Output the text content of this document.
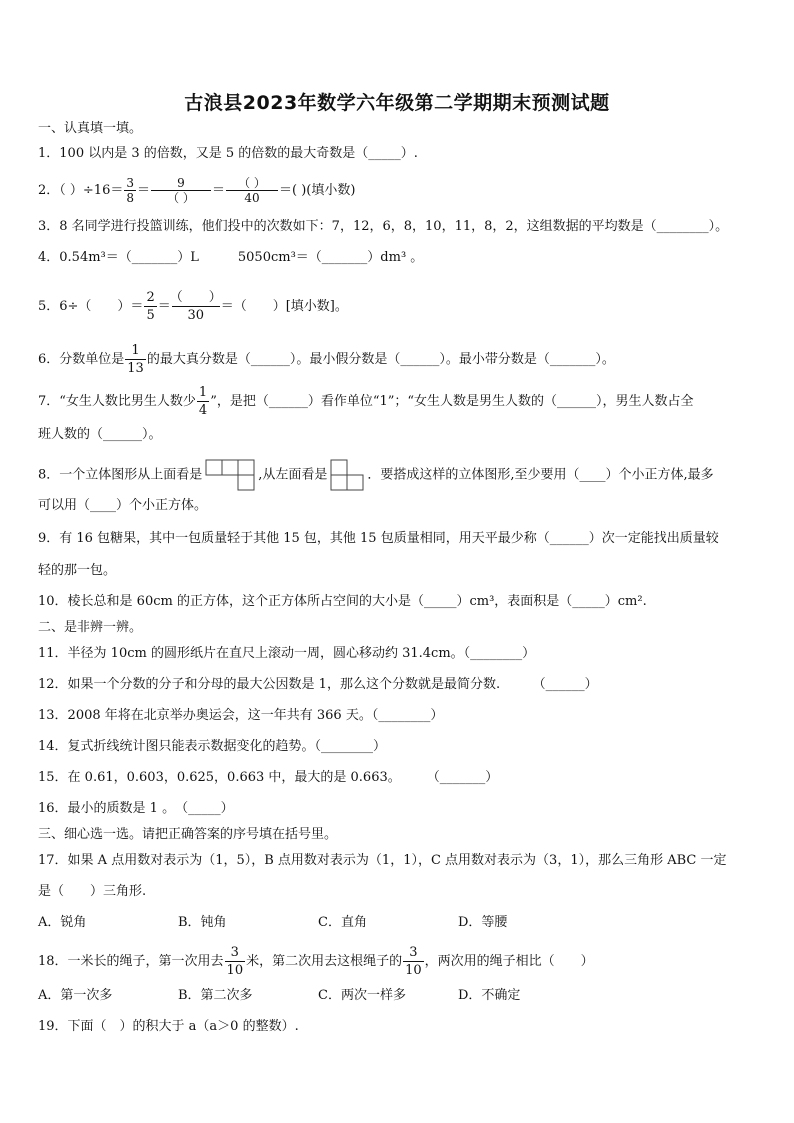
古浪县2023年数学六年级第二学期期末预测试题
一、认真填一填。
1．100 以内是 3 的倍数，又是 5 的倍数的最大奇数是（_____）.
2．（ ）$\div 16= \frac{3}{8} = \frac{9}{( )} = \frac{( )}{40}$ ＝( )(填小数)
3．8 名同学进行投篮训练，他们投中的次数如下：7，12，6，8，10，11，8，2，这组数据的平均数是（________）。
4．0.54m³＝（_______）L　　　5050cm³＝（_______）dm³ 。
5．6÷（　　）＝ $\frac{2}{5} = \frac{( )}{30}$ ＝（　　）[填小数]。
6．分数单位是 $\frac{1}{13}$ 的最大真分数是（______）。最小假分数是（______）。最小带分数是（_______）。
7．“女生人数比男生人数少 $\frac{1}{4}$ ”，是把（______）看作单位“1”；“女生人数是男生人数的（______），男生人数占全
班人数的（______）。
8．一个立体图形从上面看是	,从左面看是	．要搭成这样的立体图形,至少要用（____）个小正方体,最多
可以用（____）个小正方体。
9．有 16 包糖果，其中一包质量轻于其他 15 包，其他 15 包质量相同，用天平最少称（______）次一定能找出质量较
轻的那一包。
10．棱长总和是 60cm 的正方体，这个正方体所占空间的大小是（_____）cm³，表面积是（_____）cm².
二、是非辨一辨。
11．半径为 10cm 的圆形纸片在直尺上滚动一周，圆心移动约 31.4cm。（________）
12．如果一个分数的分子和分母的最大公因数是 1，那么这个分数就是最简分数.　　　（______）
13．2008 年将在北京举办奥运会，这一年共有 366 天。（________）
14．复式折线统计图只能表示数据变化的趋势。（________）
15．在 0.61，0.603，0.625，0.663 中，最大的是 0.663。　　　（_______）
16．最小的质数是 1 。　（_____）
三、细心选一选。请把正确答案的序号填在括号里。
17．如果 A 点用数对表示为（1，5），B 点用数对表示为（1，1），C 点用数对表示为（3，1），那么三角形 ABC 一定
是（　　）三角形.
A．锐角	B．钝角	C．直角	D．等腰
18．一米长的绳子，第一次用去 $\frac{3}{10}$ 米，第二次用去这根绳子的 $\frac{3}{10}$ ，两次用的绳子相比（　　）
A．第一次多	B．第二次多	C．两次一样多	D．不确定
19．下面（　）的积大于 a（a＞0 的整数）.
